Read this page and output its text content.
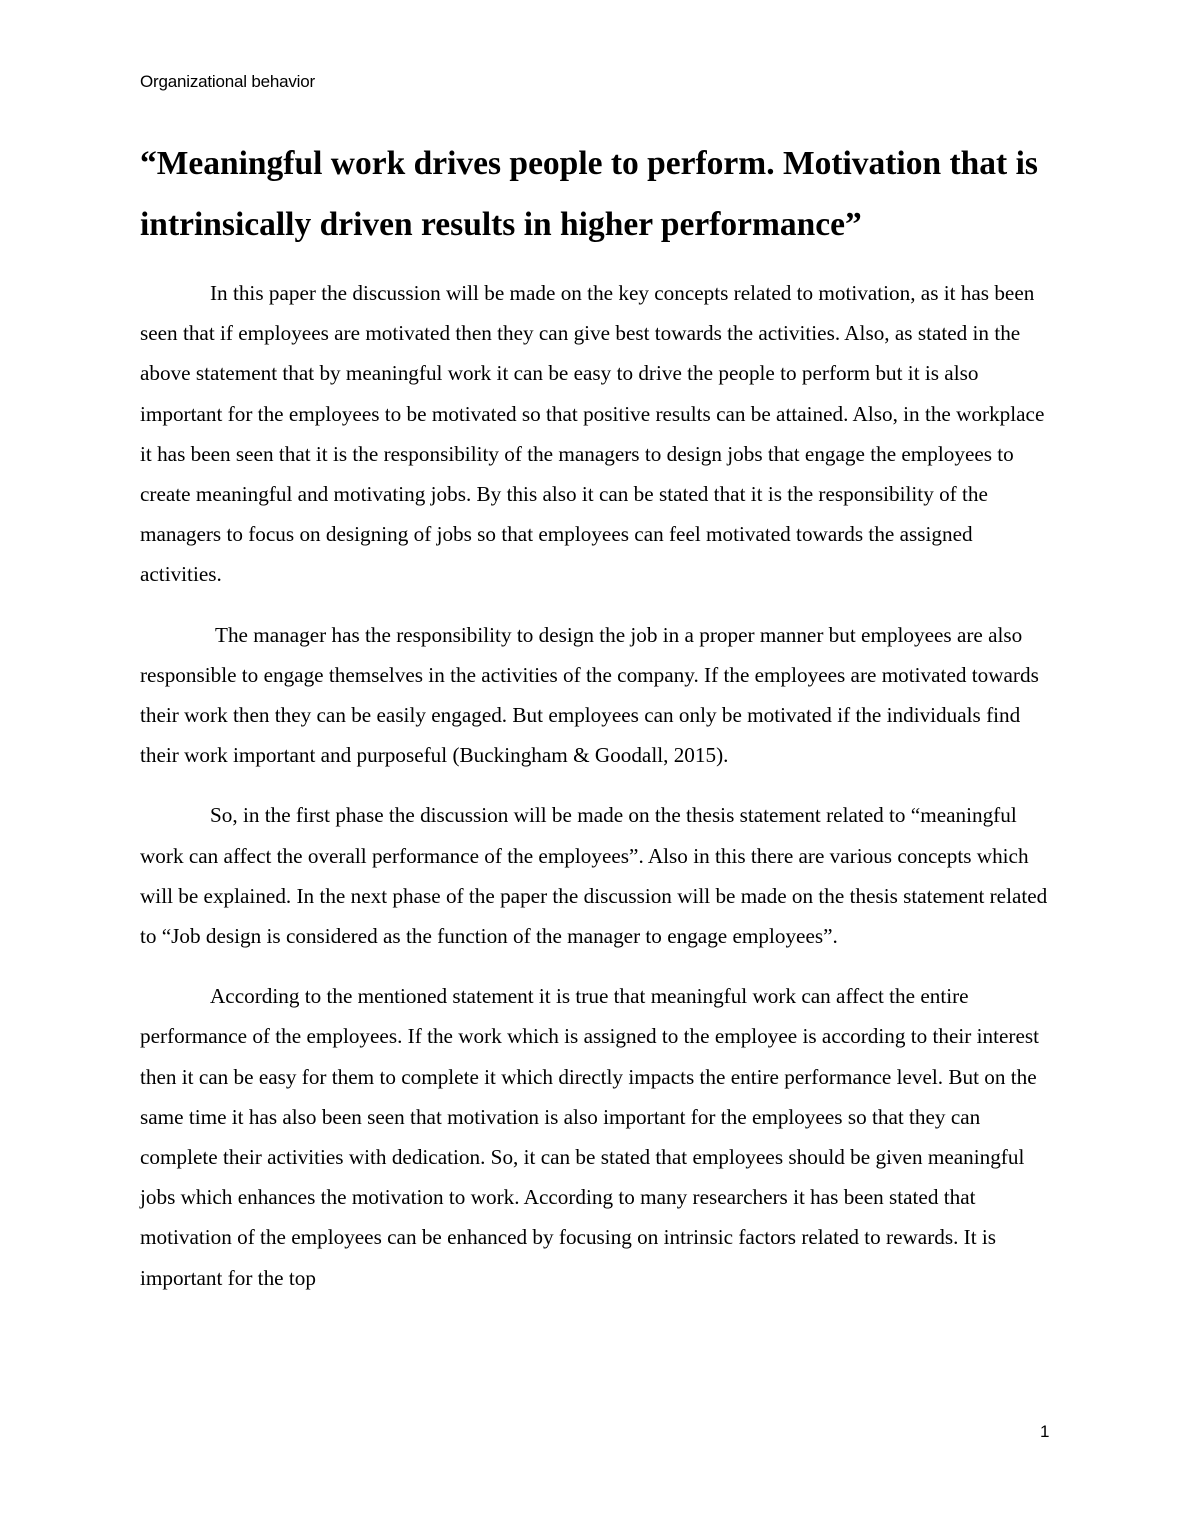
Organizational behavior
“Meaningful work drives people to perform. Motivation that is intrinsically driven results in higher performance”

In this paper the discussion will be made on the key concepts related to motivation, as it has been seen that if employees are motivated then they can give best towards the activities. Also, as stated in the above statement that by meaningful work it can be easy to drive the people to perform but it is also important for the employees to be motivated so that positive results can be attained. Also, in the workplace it has been seen that it is the responsibility of the managers to design jobs that engage the employees to create meaningful and motivating jobs. By this also it can be stated that it is the responsibility of the managers to focus on designing of jobs so that employees can feel motivated towards the assigned activities.

The manager has the responsibility to design the job in a proper manner but employees are also responsible to engage themselves in the activities of the company. If the employees are motivated towards their work then they can be easily engaged. But employees can only be motivated if the individuals find their work important and purposeful (Buckingham & Goodall, 2015).

So, in the first phase the discussion will be made on the thesis statement related to “meaningful work can affect the overall performance of the employees”. Also in this there are various concepts which will be explained. In the next phase of the paper the discussion will be made on the thesis statement related to “Job design is considered as the function of the manager to engage employees”.

According to the mentioned statement it is true that meaningful work can affect the entire performance of the employees. If the work which is assigned to the employee is according to their interest then it can be easy for them to complete it which directly impacts the entire performance level. But on the same time it has also been seen that motivation is also important for the employees so that they can complete their activities with dedication. So, it can be stated that employees should be given meaningful jobs which enhances the motivation to work. According to many researchers it has been stated that motivation of the employees can be enhanced by focusing on intrinsic factors related to rewards. It is important for the top

1
